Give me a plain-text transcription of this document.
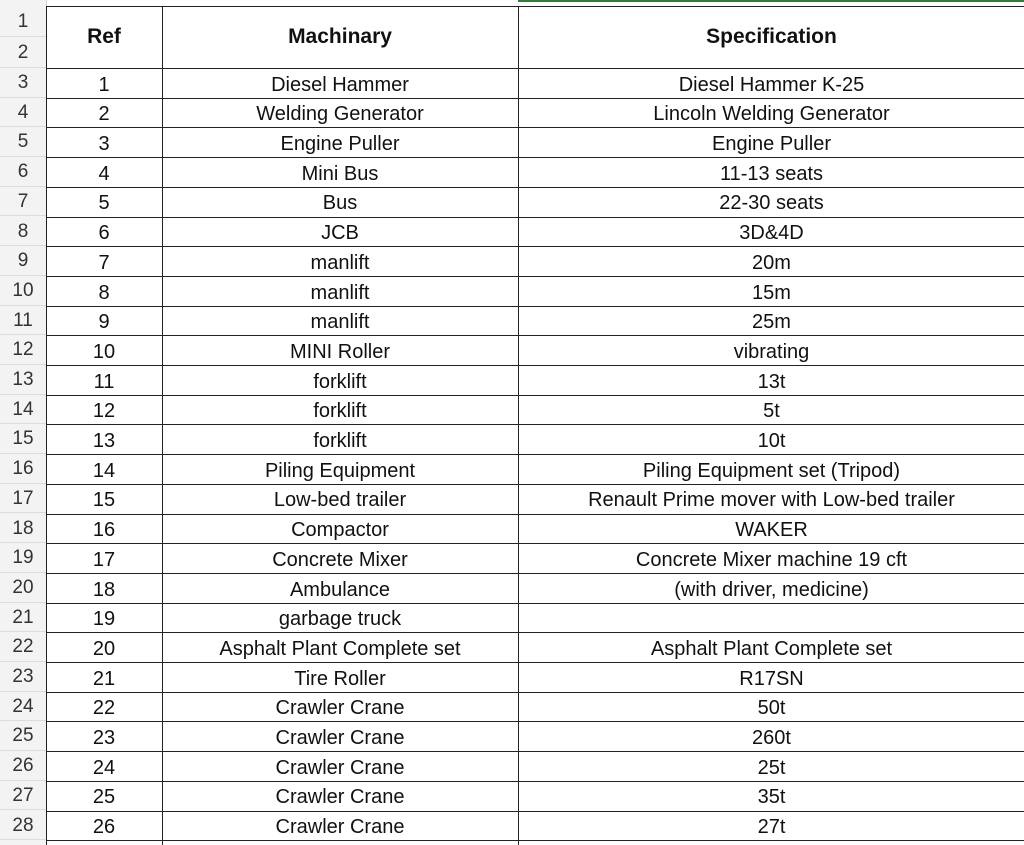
1
2
3
4
5
6
7
8
9
10
11
12
13
14
15
16
17
18
19
20
21
22
23
24
25
26
27
28
Ref	Machinary	Specification
1	Diesel Hammer	Diesel Hammer K-25
2	Welding Generator	Lincoln Welding Generator
3	Engine Puller	Engine Puller
4	Mini Bus	11-13 seats
5	Bus	22-30 seats
6	JCB	3D&4D
7	manlift	20m
8	manlift	15m
9	manlift	25m
10	MINI Roller	vibrating
11	forklift	13t
12	forklift	5t
13	forklift	10t
14	Piling Equipment	Piling Equipment set (Tripod)
15	Low-bed trailer	Renault Prime mover with Low-bed trailer
16	Compactor	WAKER
17	Concrete Mixer	Concrete Mixer machine 19 cft
18	Ambulance	(with driver, medicine)
19	garbage truck
20	Asphalt Plant Complete set	Asphalt Plant Complete set
21	Tire Roller	R17SN
22	Crawler Crane	50t
23	Crawler Crane	260t
24	Crawler Crane	25t
25	Crawler Crane	35t
26	Crawler Crane	27t
